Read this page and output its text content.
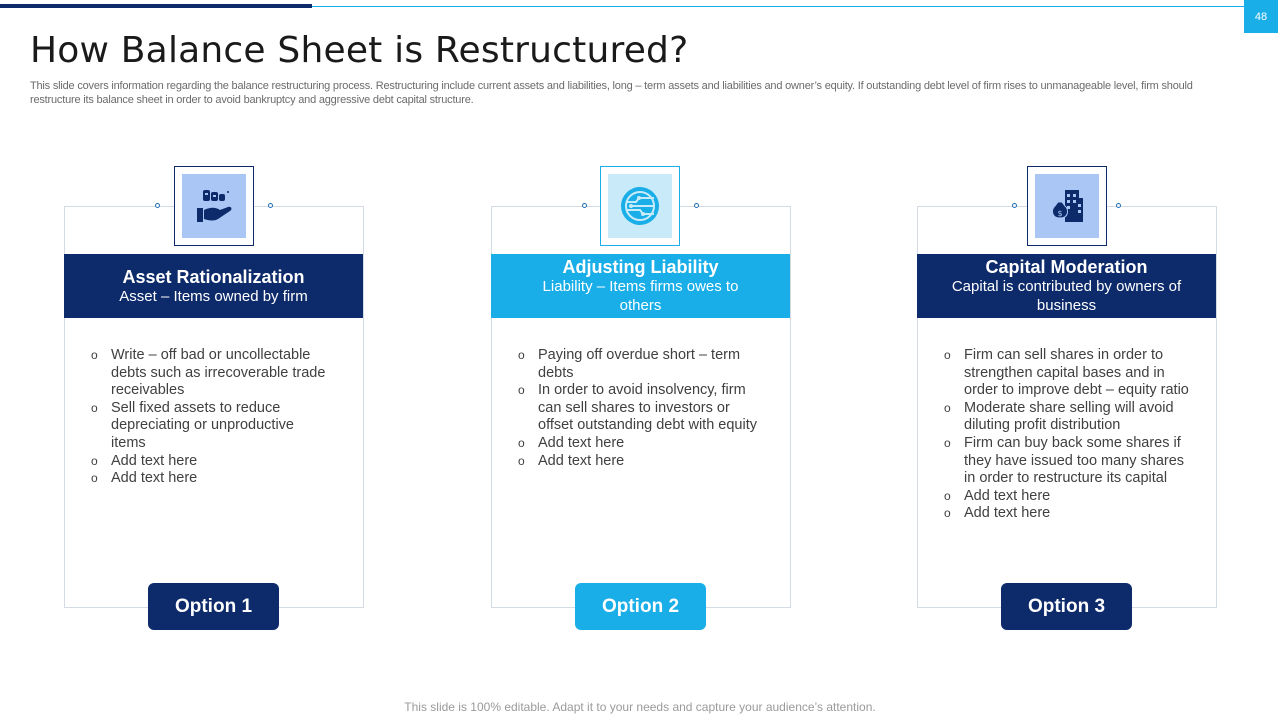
48
How Balance Sheet is Restructured?

This slide covers information regarding the balance restructuring process. Restructuring include current assets and liabilities, long – term assets and liabilities and owner’s equity. If outstanding debt level of firm rises to unmanageable level, firm should restructure its balance sheet in order to avoid bankruptcy and aggressive debt capital structure.

Asset Rationalization
Asset – Items owned by firm
o Write – off bad or uncollectable debts such as irrecoverable trade receivables
o Sell fixed assets to reduce depreciating or unproductive items
o Add text here
o Add text here
Option 1
Adjusting Liability
Liability – Items firms owes to others
o Paying off overdue short – term debts
o In order to avoid insolvency, firm can sell shares to investors or offset outstanding debt with equity
o Add text here
o Add text here
Option 2
$
Capital Moderation
Capital is contributed by owners of business
o Firm can sell shares in order to strengthen capital bases and in order to improve debt – equity ratio
o Moderate share selling will avoid diluting profit distribution
o Firm can buy back some shares if they have issued too many shares in order to restructure its capital
o Add text here
o Add text here
Option 3
This slide is 100% editable. Adapt it to your needs and capture your audience’s attention.
